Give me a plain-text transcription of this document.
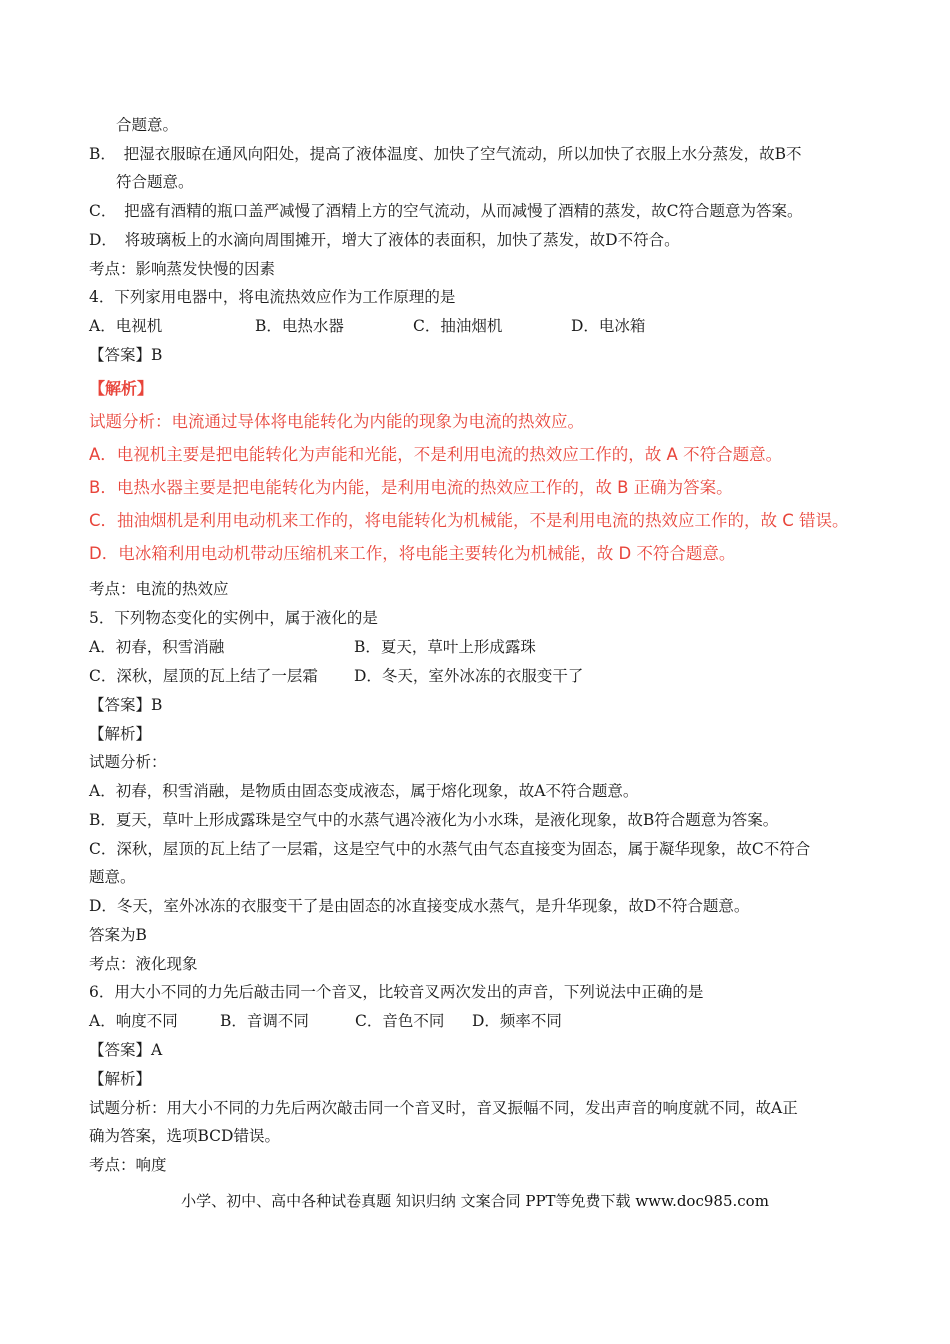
合题意。
B．　把湿衣服晾在通风向阳处，提高了液体温度、加快了空气流动，所以加快了衣服上水分蒸发，故B不
符合题意。
C．　把盛有酒精的瓶口盖严减慢了酒精上方的空气流动，从而减慢了酒精的蒸发，故C符合题意为答案。
D．　将玻璃板上的水滴向周围摊开，增大了液体的表面积，加快了蒸发，故D不符合。
考点：影响蒸发快慢的因素
4．下列家用电器中，将电流热效应作为工作原理的是
A．电视机	B．电热水器	C．抽油烟机	D．电冰箱
【答案】B
【解析】
试题分析：电流通过导体将电能转化为内能的现象为电流的热效应。
A．电视机主要是把电能转化为声能和光能，不是利用电流的热效应工作的，故 A 不符合题意。
B．电热水器主要是把电能转化为内能，是利用电流的热效应工作的，故 B 正确为答案。
C．抽油烟机是利用电动机来工作的，将电能转化为机械能，不是利用电流的热效应工作的，故 C 错误。
D．电冰箱利用电动机带动压缩机来工作，将电能主要转化为机械能，故 D 不符合题意。
考点：电流的热效应
5．下列物态变化的实例中，属于液化的是
A．初春，积雪消融	B．夏天，草叶上形成露珠
C．深秋，屋顶的瓦上结了一层霜	D．冬天，室外冰冻的衣服变干了
【答案】B
【解析】
试题分析：
A．初春，积雪消融，是物质由固态变成液态，属于熔化现象，故A不符合题意。
B．夏天，草叶上形成露珠是空气中的水蒸气遇冷液化为小水珠，是液化现象，故B符合题意为答案。
C．深秋，屋顶的瓦上结了一层霜，这是空气中的水蒸气由气态直接变为固态，属于凝华现象，故C不符合
题意。
D．冬天，室外冰冻的衣服变干了是由固态的冰直接变成水蒸气，是升华现象，故D不符合题意。
答案为B
考点：液化现象
6．用大小不同的力先后敲击同一个音叉，比较音叉两次发出的声音，下列说法中正确的是
A．响度不同	B．音调不同	C．音色不同	D．频率不同
【答案】A
【解析】
试题分析：用大小不同的力先后两次敲击同一个音叉时，音叉振幅不同，发出声音的响度就不同，故A正
确为答案，选项BCD错误。
考点：响度
小学、初中、高中各种试卷真题 知识归纳 文案合同 PPT等免费下载 www.doc985.com
